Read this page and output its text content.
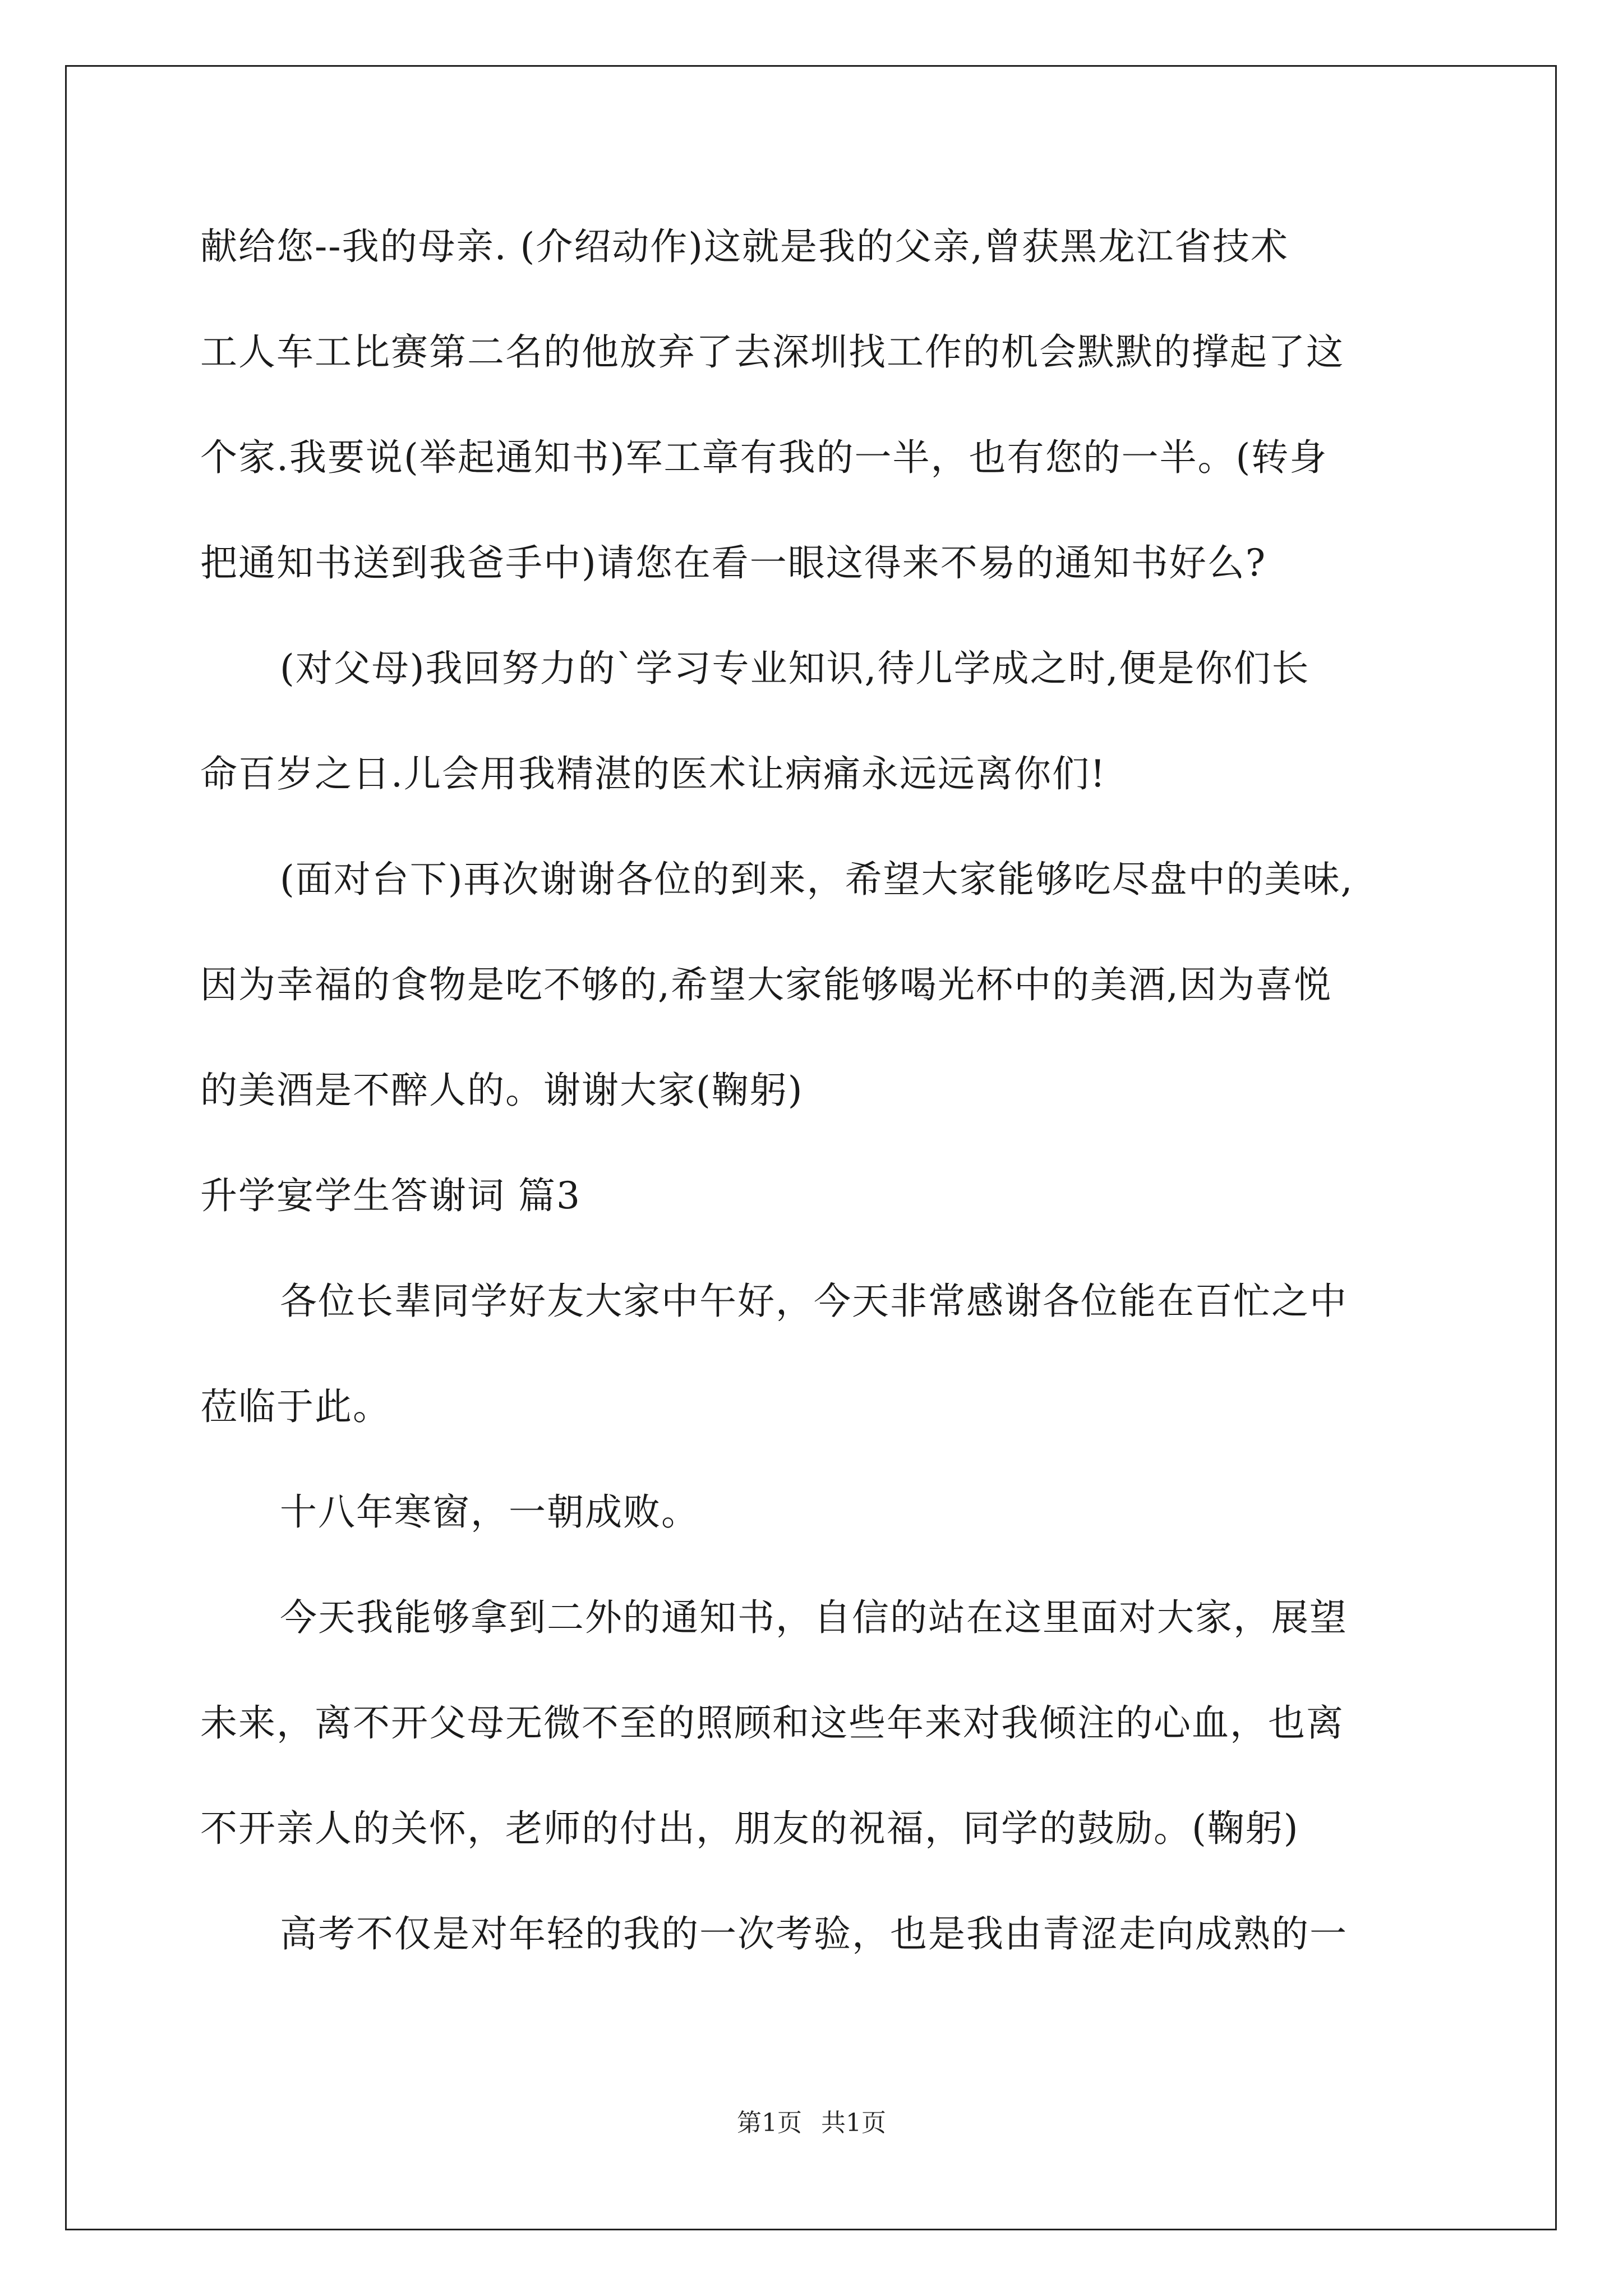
献给您--我的母亲. (介绍动作)这就是我的父亲,曾获黑龙江省技术
工人车工比赛第二名的他放弃了去深圳找工作的机会默默的撑起了这
个家.我要说(举起通知书)军工章有我的一半，也有您的一半。(转身
把通知书送到我爸手中)请您在看一眼这得来不易的通知书好么?
(对父母)我回努力的`学习专业知识,待儿学成之时,便是你们长
命百岁之日.儿会用我精湛的医术让病痛永远远离你们!
(面对台下)再次谢谢各位的到来，希望大家能够吃尽盘中的美味,
因为幸福的食物是吃不够的,希望大家能够喝光杯中的美酒,因为喜悦
的美酒是不醉人的。谢谢大家(鞠躬)
升学宴学生答谢词 篇3
各位长辈同学好友大家中午好，今天非常感谢各位能在百忙之中
莅临于此。
十八年寒窗，一朝成败。
今天我能够拿到二外的通知书，自信的站在这里面对大家，展望
未来，离不开父母无微不至的照顾和这些年来对我倾注的心血，也离
不开亲人的关怀，老师的付出，朋友的祝福，同学的鼓励。(鞠躬)
高考不仅是对年轻的我的一次考验，也是我由青涩走向成熟的一
第1页 共1页
